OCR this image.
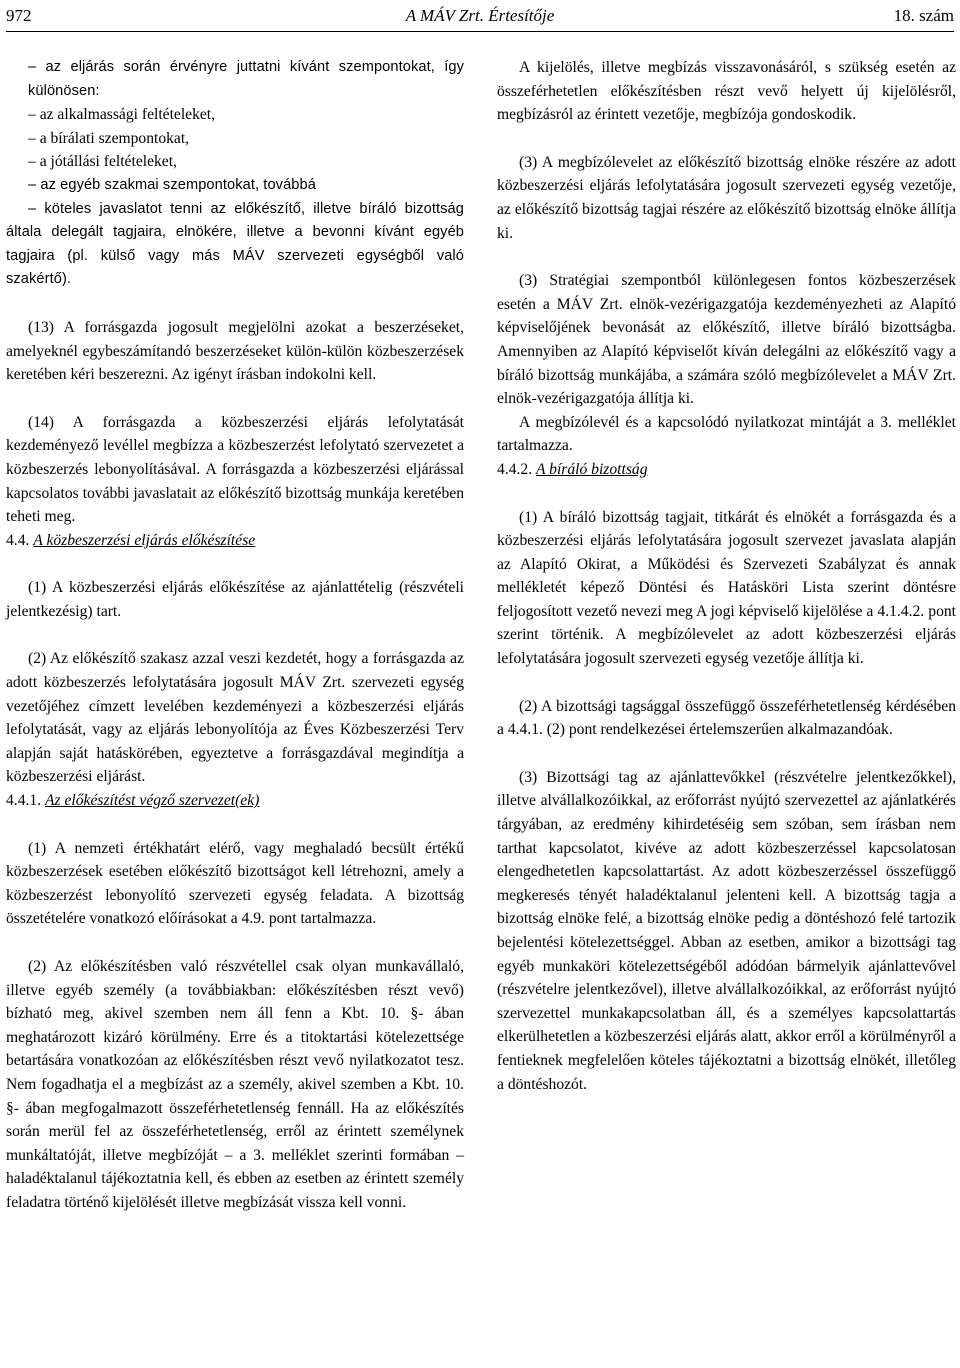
972	A MÁV Zrt. Értesítője	18. szám

– az eljárás során érvényre juttatni kívánt szempontokat, így különösen:

– az alkalmassági feltételeket,

– a bírálati szempontokat,

– a jótállási feltételeket,

– az egyéb szakmai szempontokat, továbbá

– köteles javaslatot tenni az előkészítő, illetve bíráló bizottság általa delegált tagjaira, elnökére, illetve a bevonni kívánt egyéb tagjaira (pl. külső vagy más MÁV szervezeti egységből való szakértő).

(13) A forrásgazda jogosult megjelölni azokat a beszerzéseket, amelyeknél egybeszámítandó beszerzéseket külön-külön közbeszerzések keretében kéri beszerezni. Az igényt írásban indokolni kell.

(14) A forrásgazda a közbeszerzési eljárás lefolytatását kezdeményező levéllel megbízza a közbeszerzést lefolytató szervezetet a közbeszerzés lebonyolításával. A forrásgazda a közbeszerzési eljárással kapcsolatos további javaslatait az előkészítő bizottság munkája keretében teheti meg.

4.4. A közbeszerzési eljárás előkészítése

(1) A közbeszerzési eljárás előkészítése az ajánlattételig (részvételi jelentkezésig) tart.

(2) Az előkészítő szakasz azzal veszi kezdetét, hogy a forrásgazda az adott közbeszerzés lefolytatására jogosult MÁV Zrt. szervezeti egység vezetőjéhez címzett levelében kezdeményezi a közbeszerzési eljárás lefolytatását, vagy az eljárás lebonyolítója az Éves Közbeszerzési Terv alapján saját hatáskörében, egyeztetve a forrásgazdával megindítja a közbeszerzési eljárást.

4.4.1. Az előkészítést végző szervezet(ek)

(1) A nemzeti értékhatárt elérő, vagy meghaladó becsült értékű közbeszerzések esetében előkészítő bizottságot kell létrehozni, amely a közbeszerzést lebonyolító szervezeti egység feladata. A bizottság összetételére vonatkozó előírásokat a 4.9. pont tartalmazza.

(2) Az előkészítésben való részvétellel csak olyan munkavállaló, illetve egyéb személy (a továbbiakban: előkészítésben részt vevő) bízható meg, akivel szemben nem áll fenn a Kbt. 10. §- ában meghatározott kizáró körülmény. Erre és a titoktartási kötelezettsége betartására vonatkozóan az előkészítésben részt vevő nyilatkozatot tesz. Nem fogadhatja el a megbízást az a személy, akivel szemben a Kbt. 10. §- ában megfogalmazott összeférhetetlenség fennáll. Ha az előkészítés során merül fel az összeférhetetlenség, erről az érintett személynek munkáltatóját, illetve megbízóját – a 3. melléklet szerinti formában – haladéktalanul tájékoztatnia kell, és ebben az esetben az érintett személy feladatra történő kijelölését illetve megbízását vissza kell vonni.

A kijelölés, illetve megbízás visszavonásáról, s szükség esetén az összeférhetetlen előkészítésben részt vevő helyett új kijelölésről, megbízásról az érintett vezetője, megbízója gondoskodik.

(3) A megbízólevelet az előkészítő bizottság elnöke részére az adott közbeszerzési eljárás lefolytatására jogosult szervezeti egység vezetője, az előkészítő bizottság tagjai részére az előkészítő bizottság elnöke állítja ki.

(3) Stratégiai szempontból különlegesen fontos közbeszerzések esetén a MÁV Zrt. elnök-vezérigazgatója kezdeményezheti az Alapító képviselőjének bevonását az előkészítő, illetve bíráló bizottságba. Amennyiben az Alapító képviselőt kíván delegálni az előkészítő vagy a bíráló bizottság munkájába, a számára szóló megbízólevelet a MÁV Zrt. elnök-vezérigazgatója állítja ki.

A megbízólevél és a kapcsolódó nyilatkozat mintáját a 3. melléklet tartalmazza.

4.4.2. A bíráló bizottság

(1) A bíráló bizottság tagjait, titkárát és elnökét a forrásgazda és a közbeszerzési eljárás lefolytatására jogosult szervezet javaslata alapján az Alapító Okirat, a Működési és Szervezeti Szabályzat és annak mellékletét képező Döntési és Hatásköri Lista szerint döntésre feljogosított vezető nevezi meg A jogi képviselő kijelölése a 4.1.4.2. pont szerint történik. A megbízólevelet az adott közbeszerzési eljárás lefolytatására jogosult szervezeti egység vezetője állítja ki.

(2) A bizottsági tagsággal összefüggő összeférhetetlenség kérdésében a 4.4.1. (2) pont rendelkezései értelemszerűen alkalmazandóak.

(3) Bizottsági tag az ajánlattevőkkel (részvételre jelentkezőkkel), illetve alvállalkozóikkal, az erőforrást nyújtó szervezettel az ajánlatkérés tárgyában, az eredmény kihirdetéséig sem szóban, sem írásban nem tarthat kapcsolatot, kivéve az adott közbeszerzéssel kapcsolatosan elengedhetetlen kapcsolattartást. Az adott közbeszerzéssel összefüggő megkeresés tényét haladéktalanul jelenteni kell. A bizottság tagja a bizottság elnöke felé, a bizottság elnöke pedig a döntéshozó felé tartozik bejelentési kötelezettséggel. Abban az esetben, amikor a bizottsági tag egyéb munkaköri kötelezettségéből adódóan bármelyik ajánlattevővel (részvételre jelentkezővel), illetve alvállalkozóikkal, az erőforrást nyújtó szervezettel munkakapcsolatban áll, és a személyes kapcsolattartás elkerülhetetlen a közbeszerzési eljárás alatt, akkor erről a körülményről a fentieknek megfelelően köteles tájékoztatni a bizottság elnökét, illetőleg a döntéshozót.
